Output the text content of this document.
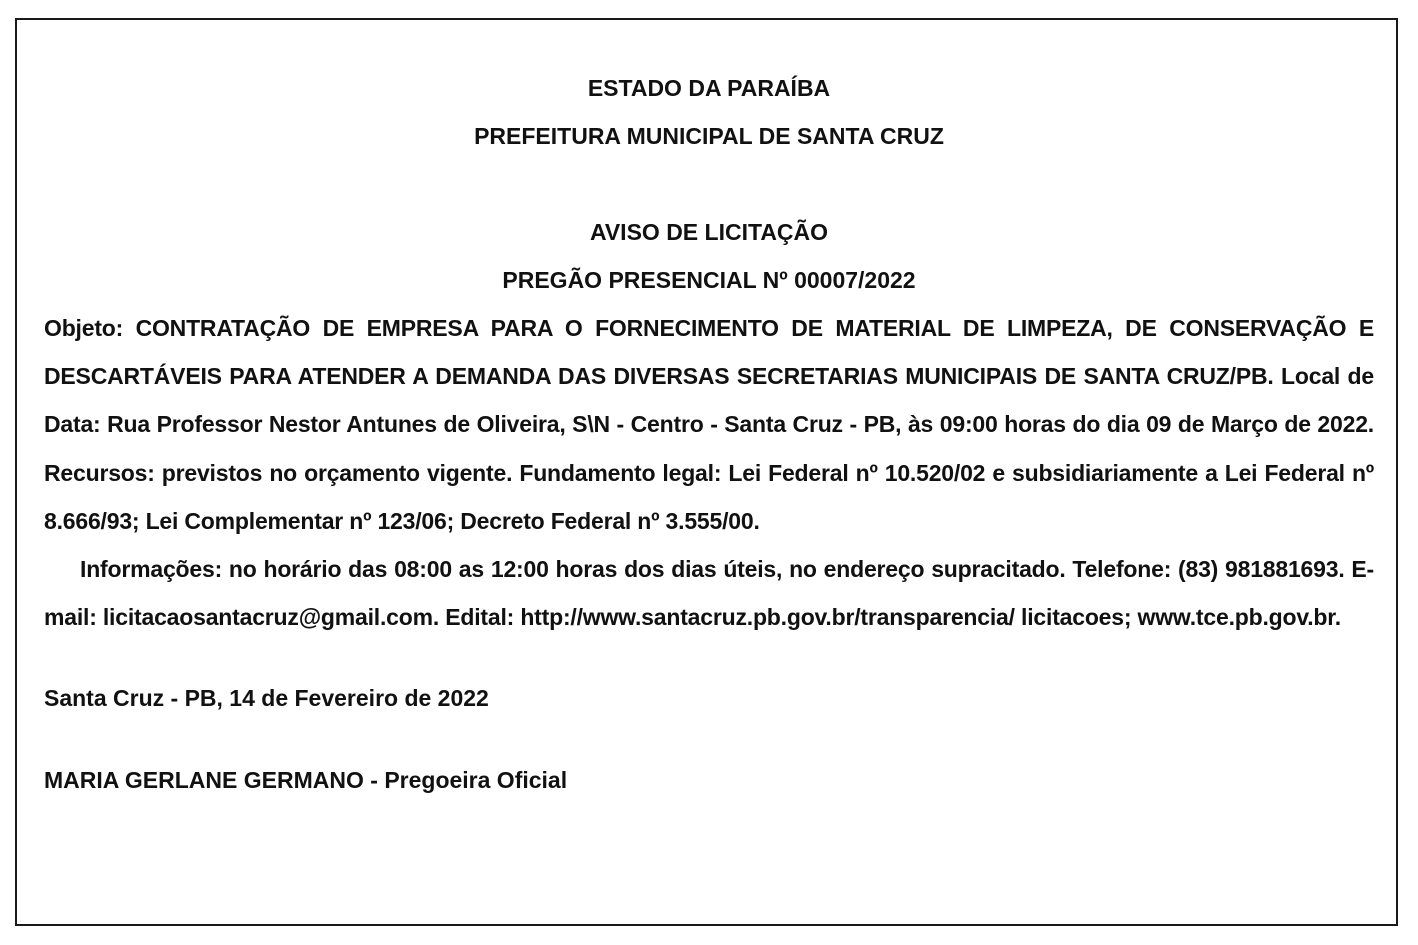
ESTADO DA PARAÍBA
PREFEITURA MUNICIPAL DE SANTA CRUZ
AVISO DE LICITAÇÃO
PREGÃO PRESENCIAL Nº 00007/2022
Objeto: CONTRATAÇÃO DE EMPRESA PARA O FORNECIMENTO DE MATERIAL DE LIMPEZA, DE CONSERVAÇÃO E DESCARTÁVEIS PARA ATENDER A DEMANDA DAS DIVERSAS SECRETARIAS MUNICIPAIS DE SANTA CRUZ/PB. Local de Data: Rua Professor Nestor Antunes de Oliveira, S\N - Centro - Santa Cruz - PB, às 09:00 horas do dia 09 de Março de 2022. Recursos: previstos no orçamento vigente. Fundamento legal: Lei Federal nº 10.520/02 e subsidiariamente a Lei Federal nº 8.666/93; Lei Complementar nº 123/06; Decreto Federal nº 3.555/00.
Informações: no horário das 08:00 as 12:00 horas dos dias úteis, no endereço supracitado. Telefone: (83) 981881693. E-mail: licitacaosantacruz@gmail.com. Edital: http://www.santacruz.pb.gov.br/transparencia/ licitacoes; www.tce.pb.gov.br.
Santa Cruz - PB, 14 de Fevereiro de 2022
MARIA GERLANE GERMANO - Pregoeira Oficial
